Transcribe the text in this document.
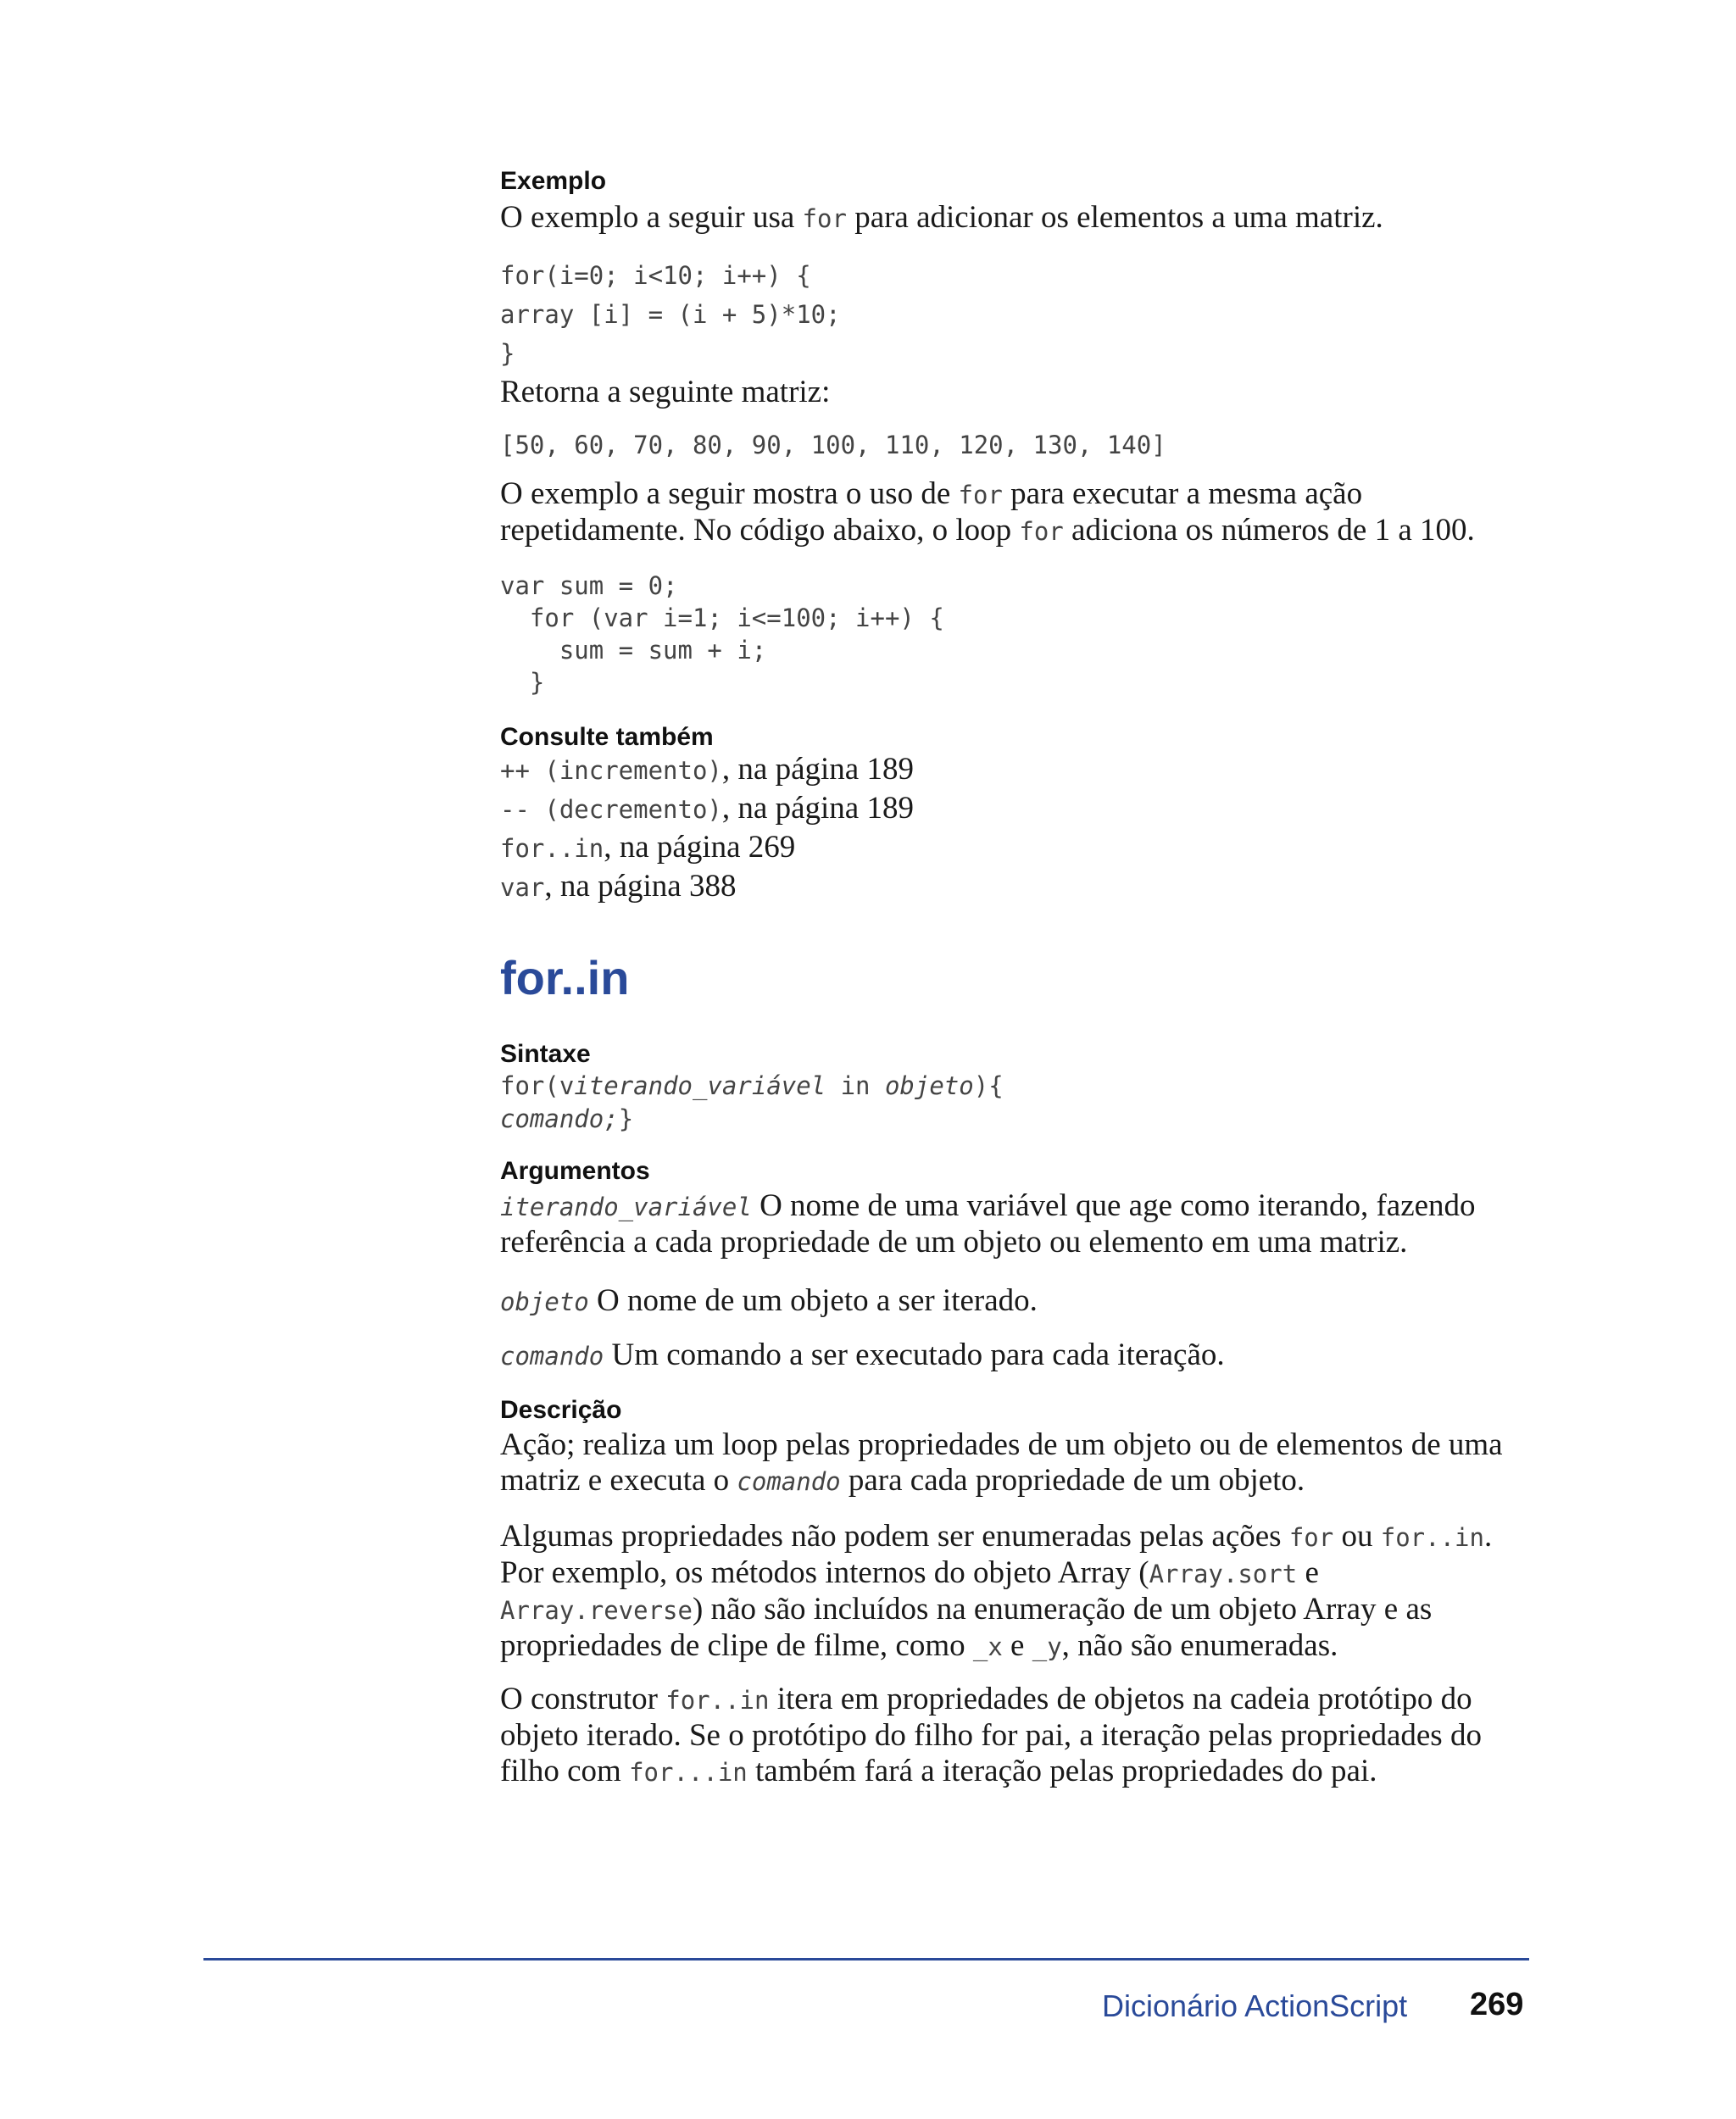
Exemplo

O exemplo a seguir usa for para adicionar os elementos a uma matriz.

for(i=0; i<10; i++) {
array [i] = (i + 5)*10;
}

Retorna a seguinte matriz:

[50, 60, 70, 80, 90, 100, 110, 120, 130, 140]

O exemplo a seguir mostra o uso de for para executar a mesma ação repetidamente. No código abaixo, o loop for adiciona os números de 1 a 100.

var sum = 0;
for (var i=1; i<=100; i++) {
sum = sum + i;
}
Consulte também
++ (incremento), na página 189
-- (decremento), na página 189
for..in, na página 269
var, na página 388
for..in
Sintaxe
for(viterando_variável in objeto){
comando;}
Argumentos

iterando_variável O nome de uma variável que age como iterando, fazendo referência a cada propriedade de um objeto ou elemento em uma matriz.

objeto O nome de um objeto a ser iterado.

comando Um comando a ser executado para cada iteração.

Descrição

Ação; realiza um loop pelas propriedades de um objeto ou de elementos de uma matriz e executa o comando para cada propriedade de um objeto.

Algumas propriedades não podem ser enumeradas pelas ações for ou for..in. Por exemplo, os métodos internos do objeto Array (Array.sort e Array.reverse) não são incluídos na enumeração de um objeto Array e as propriedades de clipe de filme, como _x e _y, não são enumeradas.

O construtor for..in itera em propriedades de objetos na cadeia protótipo do objeto iterado. Se o protótipo do filho for pai, a iteração pelas propriedades do filho com for...in também fará a iteração pelas propriedades do pai.

Dicionário ActionScript 269
